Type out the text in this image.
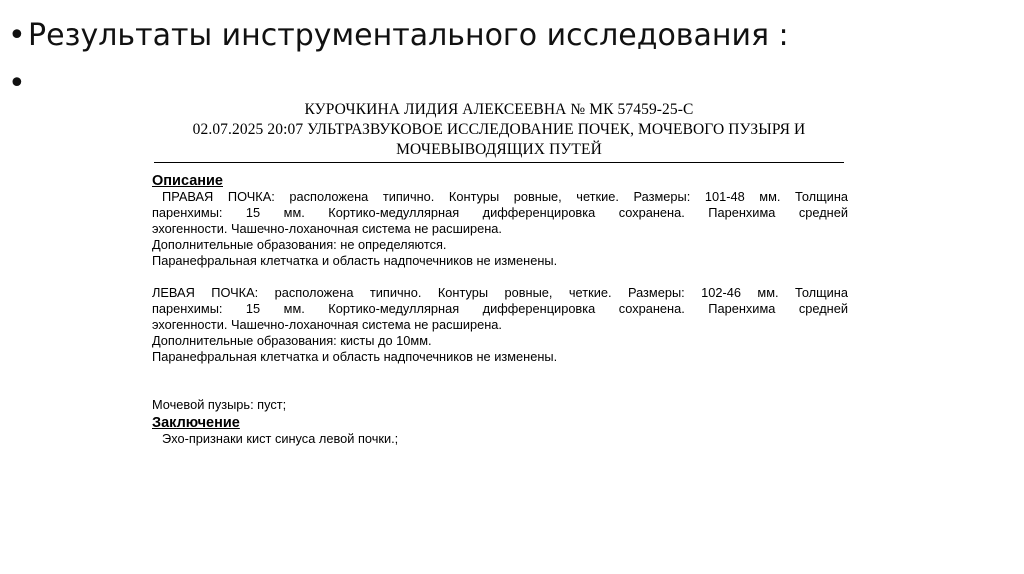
•Результаты инструментального исследования :
•
КУРОЧКИНА ЛИДИЯ АЛЕКСЕЕВНА № МК 57459-25-С
02.07.2025 20:07 УЛЬТРАЗВУКОВОЕ ИССЛЕДОВАНИЕ ПОЧЕК, МОЧЕВОГО ПУЗЫРЯ И
МОЧЕВЫВОДЯЩИХ ПУТЕЙ
Описание
ПРАВАЯ ПОЧКА: расположена типично. Контуры ровные, четкие. Размеры: 101-48 мм. Толщина
паренхимы: 15 мм. Кортико-медуллярная дифференцировка сохранена. Паренхима средней
эхогенности. Чашечно-лоханочная система не расширена.
Дополнительные образования: не определяются.
Паранефральная клетчатка и область надпочечников не изменены.
ЛЕВАЯ ПОЧКА: расположена типично. Контуры ровные, четкие. Размеры: 102-46 мм. Толщина
паренхимы: 15 мм. Кортико-медуллярная дифференцировка сохранена. Паренхима средней
эхогенности. Чашечно-лоханочная система не расширена.
Дополнительные образования: кисты до 10мм.
Паранефральная клетчатка и область надпочечников не изменены.
Мочевой пузырь: пуст;
Заключение
Эхо-признаки кист синуса левой почки.;
